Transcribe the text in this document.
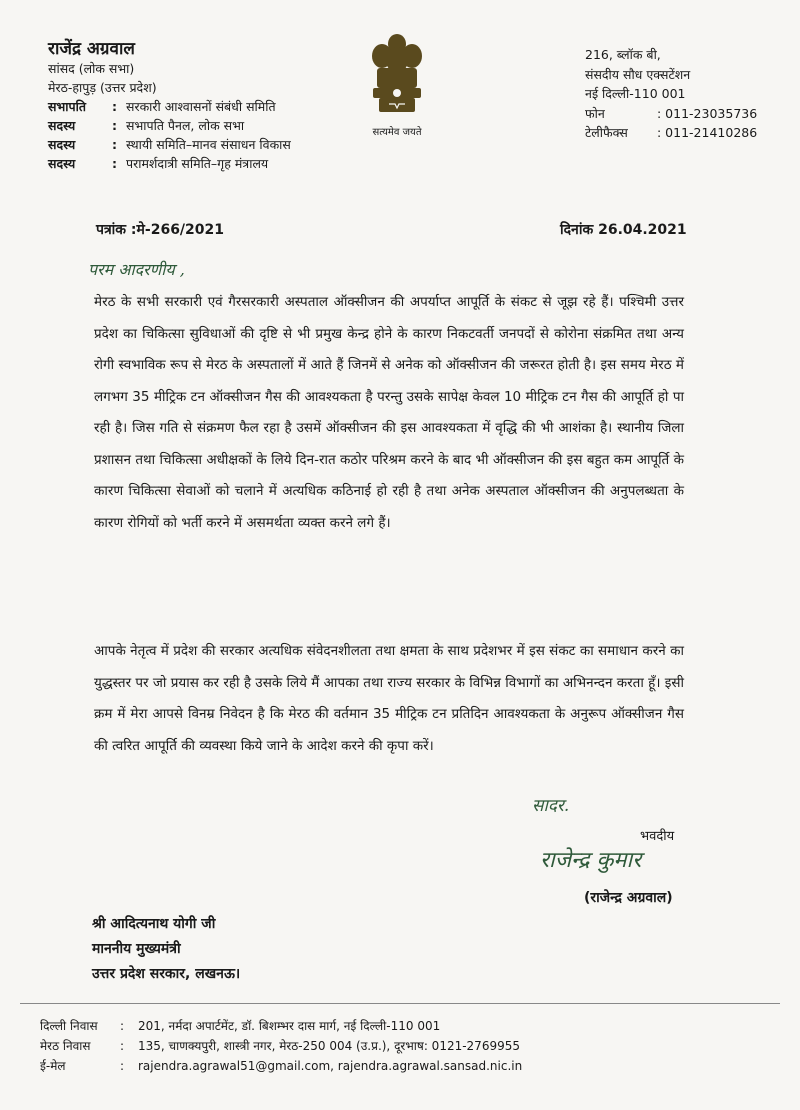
राजेंद्र अग्रवाल
सांसद (लोक सभा)
मेरठ-हापुड़ (उत्तर प्रदेश)
सभापति	: सरकारी आश्वासनों संबंधी समिति
सदस्य	: सभापति पैनल, लोक सभा
सदस्य	: स्थायी समिति–मानव संसाधन विकास
सदस्य	: परामर्शदात्री समिति–गृह मंत्रालय
सत्यमेव जयते
216, ब्लॉक बी,
संसदीय सौध एक्सटेंशन
नई दिल्ली-110 001
फोन	: 011-23035736
टेलीफैक्स : 011-21410286
पत्रांक :मे-266/2021	दिनांक 26.04.2021
परम आदरणीय ,
मेरठ के सभी सरकारी एवं गैरसरकारी अस्पताल ऑक्सीजन की अपर्याप्त आपूर्ति के संकट से जूझ रहे हैं। पश्चिमी उत्तर प्रदेश का चिकित्सा सुविधाओं की दृष्टि से भी प्रमुख केन्द्र होने के कारण निकटवर्ती जनपदों से कोरोना संक्रमित तथा अन्य रोगी स्वभाविक रूप से मेरठ के अस्पतालों में आते हैं जिनमें से अनेक को ऑक्सीजन की जरूरत होती है। इस समय मेरठ में लगभग 35 मीट्रिक टन ऑक्सीजन गैस की आवश्यकता है परन्तु उसके सापेक्ष केवल 10 मीट्रिक टन गैस की आपूर्ति हो पा रही है। जिस गति से संक्रमण फैल रहा है उसमें ऑक्सीजन की इस आवश्यकता में वृद्धि की भी आशंका है। स्थानीय जिला प्रशासन तथा चिकित्सा अधीक्षकों के लिये दिन-रात कठोर परिश्रम करने के बाद भी ऑक्सीजन की इस बहुत कम आपूर्ति के कारण चिकित्सा सेवाओं को चलाने में अत्यधिक कठिनाई हो रही है तथा अनेक अस्पताल ऑक्सीजन की अनुपलब्धता के कारण रोगियों को भर्ती करने में असमर्थता व्यक्त करने लगे हैं।
आपके नेतृत्व में प्रदेश की सरकार अत्यधिक संवेदनशीलता तथा क्षमता के साथ प्रदेशभर में इस संकट का समाधान करने का युद्धस्तर पर जो प्रयास कर रही है उसके लिये मैं आपका तथा राज्य सरकार के विभिन्न विभागों का अभिनन्दन करता हूँ। इसी क्रम में मेरा आपसे विनम्र निवेदन है कि मेरठ की वर्तमान 35 मीट्रिक टन प्रतिदिन आवश्यकता के अनुरूप ऑक्सीजन गैस की त्वरित आपूर्ति की व्यवस्था किये जाने के आदेश करने की कृपा करें।
सादर.
भवदीय
राजेन्द्र कुमार
(राजेन्द्र अग्रवाल)
श्री आदित्यनाथ योगी जी
माननीय मुख्यमंत्री
उत्तर प्रदेश सरकार, लखनऊ।
दिल्ली निवास : 201, नर्मदा अपार्टमेंट, डॉ. बिशम्भर दास मार्ग, नई दिल्ली-110 001
मेरठ निवास : 135, चाणक्यपुरी, शास्त्री नगर, मेरठ-250 004 (उ.प्र.), दूरभाष: 0121-2769955
ई-मेल	: rajendra.agrawal51@gmail.com, rajendra.agrawal.sansad.nic.in
